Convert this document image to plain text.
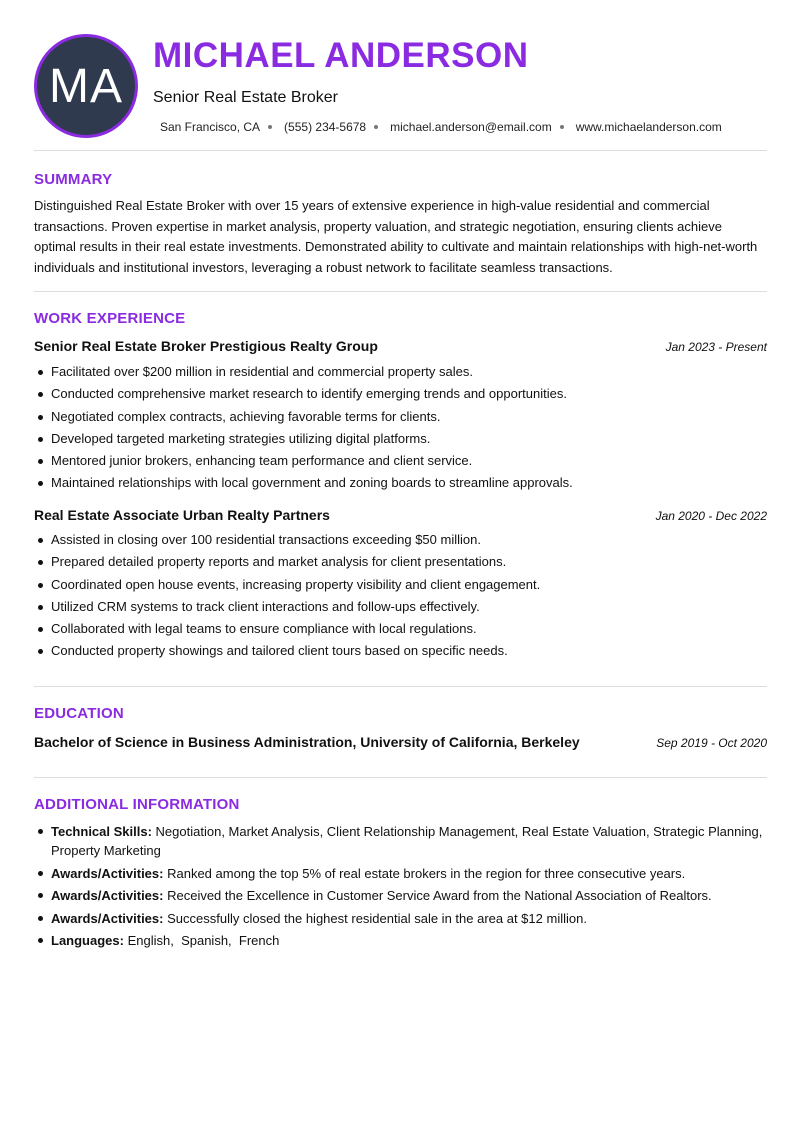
MA
MICHAEL ANDERSON
Senior Real Estate Broker
San Francisco, CA (555) 234-5678 michael.anderson@email.com www.michaelanderson.com
SUMMARY
Distinguished Real Estate Broker with over 15 years of extensive experience in high-value residential and commercial transactions. Proven expertise in market analysis, property valuation, and strategic negotiation, ensuring clients achieve optimal results in their real estate investments. Demonstrated ability to cultivate and maintain relationships with high-net-worth individuals and institutional investors, leveraging a robust network to facilitate seamless transactions.
WORK EXPERIENCE
Senior Real Estate Broker Prestigious Realty Group	Jan 2023 - Present
Facilitated over $200 million in residential and commercial property sales.
Conducted comprehensive market research to identify emerging trends and opportunities.
Negotiated complex contracts, achieving favorable terms for clients.
Developed targeted marketing strategies utilizing digital platforms.
Mentored junior brokers, enhancing team performance and client service.
Maintained relationships with local government and zoning boards to streamline approvals.
Real Estate Associate Urban Realty Partners	Jan 2020 - Dec 2022
Assisted in closing over 100 residential transactions exceeding $50 million.
Prepared detailed property reports and market analysis for client presentations.
Coordinated open house events, increasing property visibility and client engagement.
Utilized CRM systems to track client interactions and follow-ups effectively.
Collaborated with legal teams to ensure compliance with local regulations.
Conducted property showings and tailored client tours based on specific needs.
EDUCATION
Bachelor of Science in Business Administration, University of California, Berkeley	Sep 2019 - Oct 2020
ADDITIONAL INFORMATION
Technical Skills: Negotiation, Market Analysis, Client Relationship Management, Real Estate Valuation, Strategic Planning, Property Marketing
Awards/Activities: Ranked among the top 5% of real estate brokers in the region for three consecutive years.
Awards/Activities: Received the Excellence in Customer Service Award from the National Association of Realtors.
Awards/Activities: Successfully closed the highest residential sale in the area at $12 million.
Languages: English,  Spanish,  French
